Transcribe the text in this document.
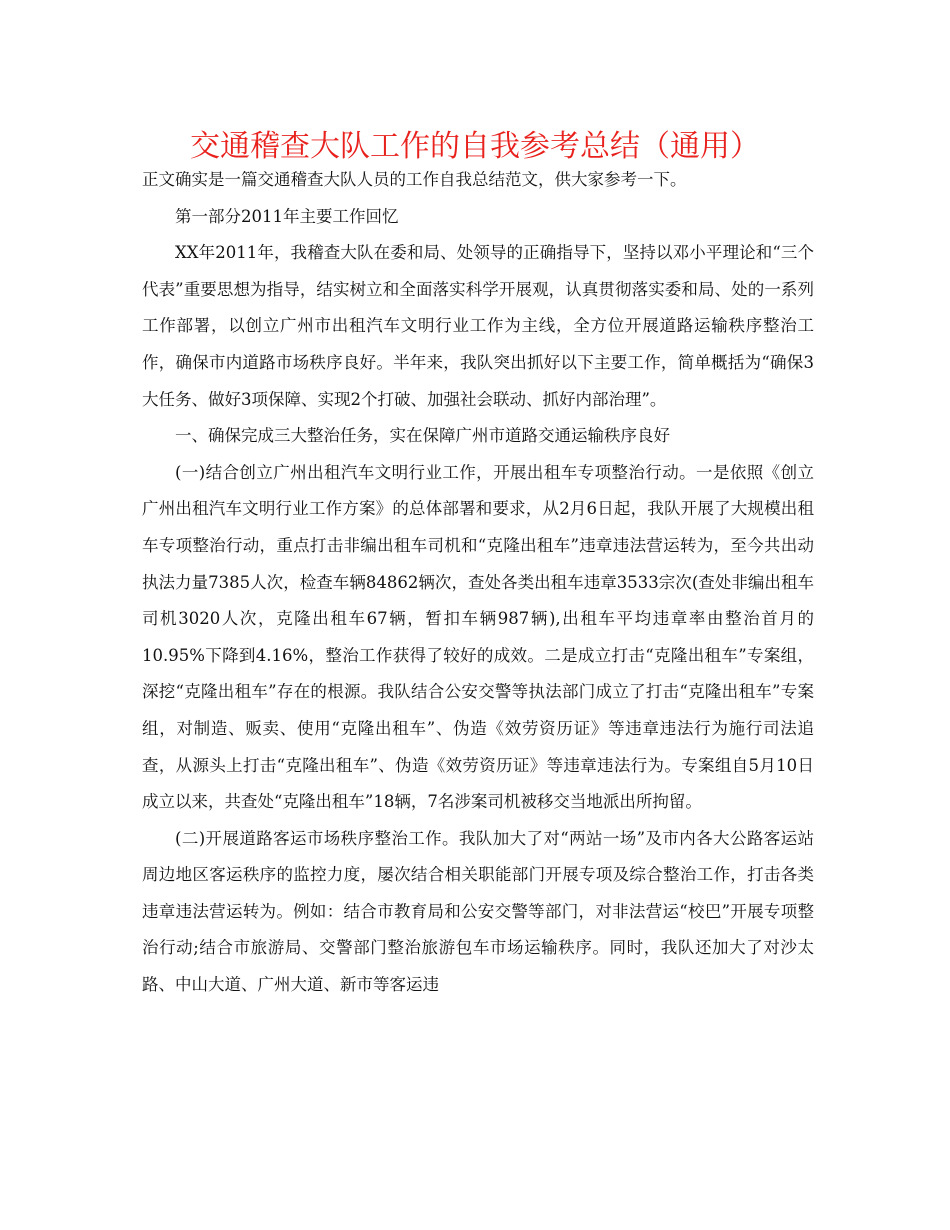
交通稽查大队工作的自我参考总结（通用）

正文确实是一篇交通稽查大队人员的工作自我总结范文，供大家参考一下。

第一部分2011年主要工作回忆

XX年2011年，我稽查大队在委和局、处领导的正确指导下，坚持以邓小平理论和“三个代表”重要思想为指导，结实树立和全面落实科学开展观，认真贯彻落实委和局、处的一系列工作部署，以创立广州市出租汽车文明行业工作为主线，全方位开展道路运输秩序整治工作，确保市内道路市场秩序良好。半年来，我队突出抓好以下主要工作，简单概括为“确保3大任务、做好3项保障、实现2个打破、加强社会联动、抓好内部治理”。

一、确保完成三大整治任务，实在保障广州市道路交通运输秩序良好

(一)结合创立广州出租汽车文明行业工作，开展出租车专项整治行动。一是依照《创立广州出租汽车文明行业工作方案》的总体部署和要求，从2月6日起，我队开展了大规模出租车专项整治行动，重点打击非编出租车司机和“克隆出租车”违章违法营运转为，至今共出动执法力量7385人次，检查车辆84862辆次，查处各类出租车违章3533宗次(查处非编出租车司机3020人次，克隆出租车67辆，暂扣车辆987辆),出租车平均违章率由整治首月的10.95%下降到4.16%，整治工作获得了较好的成效。二是成立打击“克隆出租车”专案组，深挖“克隆出租车”存在的根源。我队结合公安交警等执法部门成立了打击“克隆出租车”专案组，对制造、贩卖、使用“克隆出租车”、伪造《效劳资历证》等违章违法行为施行司法追查，从源头上打击“克隆出租车”、伪造《效劳资历证》等违章违法行为。专案组自5月10日成立以来，共查处“克隆出租车”18辆，7名涉案司机被移交当地派出所拘留。

(二)开展道路客运市场秩序整治工作。我队加大了对“两站一场”及市内各大公路客运站周边地区客运秩序的监控力度，屡次结合相关职能部门开展专项及综合整治工作，打击各类违章违法营运转为。例如：结合市教育局和公安交警等部门，对非法营运“校巴”开展专项整治行动;结合市旅游局、交警部门整治旅游包车市场运输秩序。同时，我队还加大了对沙太路、中山大道、广州大道、新市等客运违
